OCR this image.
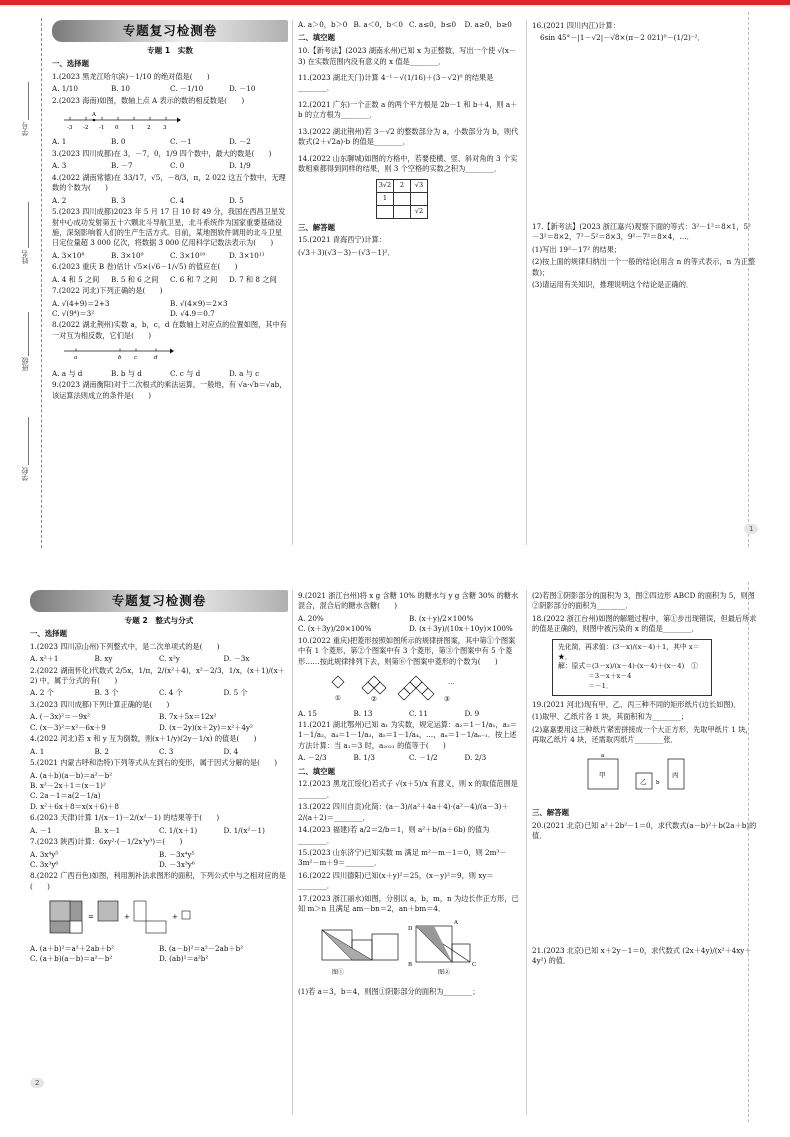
学号
姓名
班级
学校
专题复习检测卷
专题 1　实数
一、选择题
1.(2023 黑龙江哈尔滨)－1/10 的绝对值是(　　)
A. 1/10	B. 10	C. －1/10	D. －10
2.(2023 海南)如图，数轴上点 A 表示的数的相反数是(　　)
-3 -2 -1 0 1 2 3
A
A. 1	B. 0	C. －1	D. －2
3.(2023 四川成都)在 3，－7，0，1/9 四个数中，最大的数是(　　)
A. 3	B. －7	C. 0	D. 1/9
4.(2022 湖南常德)在 33/17，√5，－8/3，π，2 022 这五个数中，无理数的个数为(　　)
A. 2	B. 3	C. 4	D. 5
5.(2023 四川成都)2023 年 5 月 17 日 10 时 49 分，我国在西昌卫星发射中心成功发射第五十六颗北斗导航卫星，北斗系统作为国家重要基础设施，深刻影响着人们的生产生活方式。目前，某地图软件调用的北斗卫星日定位量超 3 000 亿次，将数据 3 000 亿用科学记数法表示为(　　)
A. 3×10⁸	B. 3×10⁹	C. 3×10¹⁰	D. 3×10¹¹
6.(2023 重庆 B 卷)估计 √5×(√6－1/√5) 的值应在(　　)
A. 4 和 5 之间	B. 5 和 6 之间	C. 6 和 7 之间	D. 7 和 8 之间
7.(2022 河北)下列正确的是(　　)
A. √(4+9)＝2+3	B. √(4×9)＝2×3
C. √(9⁴)＝3²	D. √4.9＝0.7
8.(2022 湖北荆州)实数 a，b，c，d 在数轴上对应点的位置如图，其中有一对互为相反数，它们是(　　)
a	b c	d
A. a 与 d	B. b 与 d	C. c 与 d	D. a 与 c
9.(2023 湖南衡阳)对于二次根式的乘法运算，一般地，有 √a·√b＝√ab，该运算法则成立的条件是(　　)
A. a＞0，b＞0 B. a＜0，b＜0 C. a≤0，b≤0	D. a≥0，b≥0
二、填空题
10.【新考法】(2023 湖南永州)已知 x 为正整数，写出一个使 √(x－3) 在实数范围内没有意义的 x 值是________．
11.(2023 湖北天门)计算 4⁻¹－√(1/16)＋(3－√2)⁰ 的结果是________．
12.(2021 广东)一个正数 a 的两个平方根是 2b－1 和 b＋4，则 a＋b 的立方根为________．
13.(2022 湖北荆州)若 3－√2 的整数部分为 a，小数部分为 b，则代数式(2＋√2a)·b 的值是________．
14.(2022 山东聊城)如图的方格中，若要使横、竖、斜对角的 3 个实数相乘都得到同样的结果，则 3 个空格的实数之积为________．
3√2	2	√3
1		
		√2
三、解答题
15.(2021 青海西宁)计算：
(√3＋3)(√3－3)－(√3－1)²．
16.(2021 四川内江)计算：
6sin 45°－|1－√2|－√8×(π－2 021)⁰－(1/2)⁻²．
17.【新考法】(2023 浙江嘉兴)观察下面的等式：3²－1²＝8×1，5²－3²＝8×2，7²－5²＝8×3，9²－7²＝8×4，…．
(1)写出 19²－17² 的结果；
(2)按上面的规律归纳出一个一般的结论(用含 n 的等式表示，n 为正整数)；
(3)请运用有关知识，推理说明这个结论是正确的．
1
专题复习检测卷
专题 2　整式与分式
一、选择题
1.(2023 四川凉山州)下列整式中，是二次单项式的是(　　)
A. x²＋1	B. xy	C. x²y	D. －3x
2.(2022 湖南怀化)代数式 2/5x，1/π，2/(x²＋4)，x²－2/3，1/x，(x＋1)/(x＋2) 中，属于分式的有(　　)
A. 2 个	B. 3 个	C. 4 个	D. 5 个
3.(2023 四川成都)下列计算正确的是(　　)
A. (－3x)²＝－9x²	B. 7x＋5x＝12x²
C. (x－3)²＝x²－6x＋9	D. (x－2y)(x＋2y)＝x²＋4y²
4.(2022 河北)若 x 和 y 互为倒数，则(x＋1/y)(2y－1/x) 的值是(　　)
A. 1	B. 2	C. 3	D. 4
5.(2021 内蒙古呼和浩特)下列等式从左到右的变形，属于因式分解的是(　　)
A. (a＋b)(a－b)＝a²－b²
B. x²－2x＋1＝(x－1)²
C. 2a－1＝a(2－1/a)
D. x²＋6x＋8＝x(x＋6)＋8
6.(2023 天津)计算 1/(x－1)－2/(x²－1) 的结果等于(　　)
A. －1	B. x－1	C. 1/(x＋1)	D. 1/(x²－1)
7.(2023 陕西)计算：6xy²·(－1/2x³y³)＝(　　)
A. 3x⁴y⁵	B. －3x⁴y⁵
C. 3x³y⁶	D. －3x³y⁶
8.(2022 广西百色)如图，利用割补法求图形的面积，下列公式中与之相对应的是(　　)
=	+	+
A. (a＋b)²＝a²＋2ab＋b²	B. (a－b)²＝a²－2ab＋b²
C. (a＋b)(a－b)＝a²－b²	D. (ab)²＝a²b²
9.(2021 浙江台州)将 x g 含糖 10% 的糖水与 y g 含糖 30% 的糖水混合，混合后的糖水含糖(　　)
A. 20%	B. (x＋y)/2×100%
C. (x＋3y)/20×100%	D. (x＋3y)/(10x＋10y)×100%
10.(2022 重庆)把菱形按照如图所示的规律拼图案，其中第①个图案中有 1 个菱形，第②个图案中有 3 个菱形，第③个图案中有 5 个菱形……按此规律排列下去，则第⑥个图案中菱形的个数为(　　)
①	②	③
…
A. 15	B. 13	C. 11	D. 9
11.(2021 湖北鄂州)已知 a₁ 为实数，规定运算：a₂＝1－1/a₁，a₃＝1－1/a₂，a₄＝1－1/a₃，a₅＝1－1/a₄，…，aₙ＝1－1/aₙ₋₁．按上述方法计算：当 a₁＝3 时，a₂₀₂₁ 的值等于(　　)
A. －2/3	B. 1/3	C. －1/2	D. 2/3
二、填空题
12.(2023 黑龙江绥化)若式子 √(x＋5)/x 有意义，则 x 的取值范围是________．
13.(2022 四川自贡)化简：(a－3)/(a²＋4a＋4)·(a²－4)/(a－3)＋2/(a＋2)＝________．
14.(2023 福建)若 a/2＝2/b＝1，则 a²＋b/(a＋6b) 的值为________．
15.(2023 山东济宁)已知实数 m 满足 m²－m－1＝0，则 2m³－3m²－m＋9＝________．
16.(2022 四川德阳)已知(x＋y)²＝25，(x－y)²＝9，则 xy＝________．
17.(2023 浙江丽水)如图，分别以 a，b，m，n 为边长作正方形，已知 m＞n 且满足 am－bn＝2，an＋bm＝4．
图①	图②
D
B	C
A
(1)若 a＝3，b＝4，则图①阴影部分的面积为________；
(2)若图①阴影部分的面积为 3，图②四边形 ABCD 的面积为 5，则图②阴影部分的面积为________．
18.(2022 浙江台州)如图的解题过程中，第①步出现错误，但最后所求的值是正确的，则图中被污染的 x 的值是________．
先化简，再求值：(3－x)/(x－4)＋1，其中 x＝★．
解：原式＝(3－x)/(x－4)·(x－4)＋(x－4)　①
＝3－x＋x－4
＝－1．
19.(2021 河北)现有甲、乙、丙三种不同的矩形纸片(边长如图)．
(1)取甲、乙纸片各 1 块，其面积和为________；
(2)嘉嘉要用这三种纸片紧密拼接成一个大正方形，先取甲纸片 1 块，再取乙纸片 4 块，还需取丙纸片________张．
甲
乙
丙
a
b
三、解答题
20.(2021 北京)已知 a²＋2b²－1＝0，求代数式(a－b)²＋b(2a＋b)的值．
21.(2023 北京)已知 x＋2y－1＝0，求代数式 (2x＋4y)/(x²＋4xy＋4y²) 的值．
2
